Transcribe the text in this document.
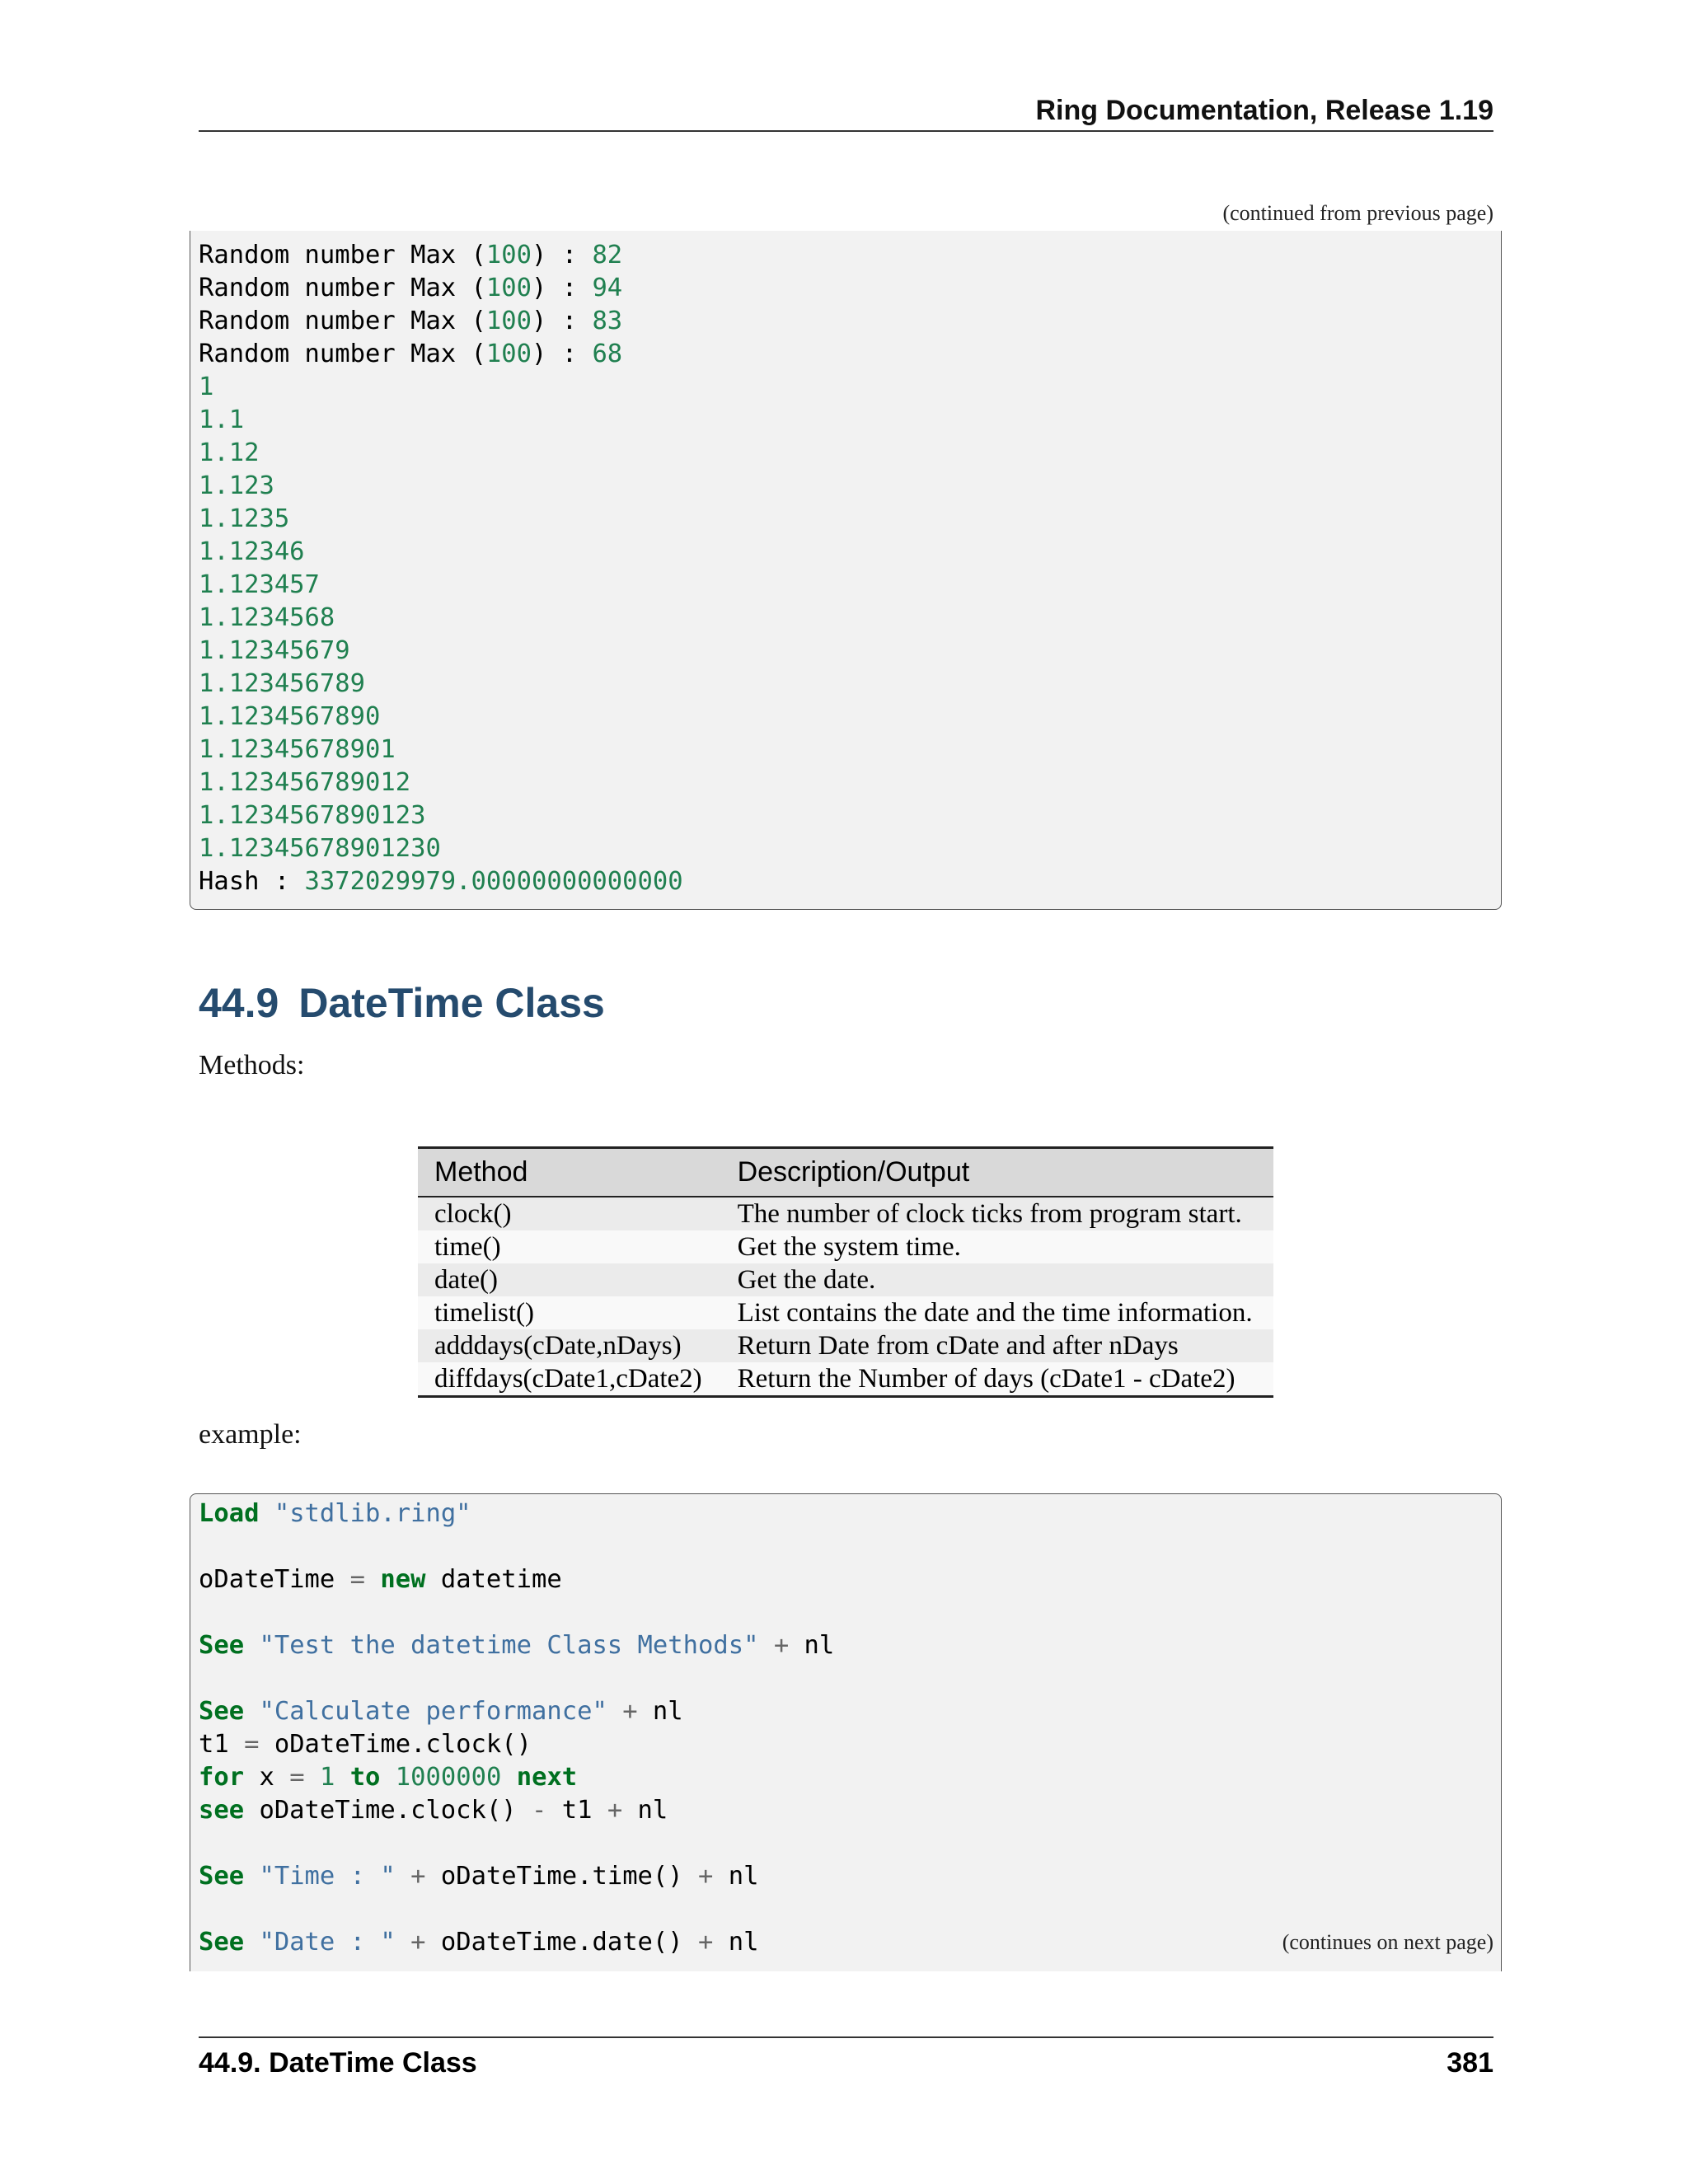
Ring Documentation, Release 1.19
(continued from previous page)
Random number Max (100) : 82
Random number Max (100) : 94
Random number Max (100) : 83
Random number Max (100) : 68
1
1.1
1.12
1.123
1.1235
1.12346
1.123457
1.1234568
1.12345679
1.123456789
1.1234567890
1.12345678901
1.123456789012
1.1234567890123
1.12345678901230
Hash : 3372029979.00000000000000
44.9 DateTime Class
Methods:
Method	Description/Output
clock()	The number of clock ticks from program start.
time()	Get the system time.
date()	Get the date.
timelist()	List contains the date and the time information.
adddays(cDate,nDays)	Return Date from cDate and after nDays
diffdays(cDate1,cDate2)	Return the Number of days (cDate1 - cDate2)
example:
Load "stdlib.ring"
oDateTime = new datetime
See "Test the datetime Class Methods" + nl
See "Calculate performance" + nl
t1 = oDateTime.clock()
for x = 1 to 1000000 next
see oDateTime.clock() - t1 + nl
See "Time : " + oDateTime.time() + nl
See "Date : " + oDateTime.date() + nl	(continues on next page)
44.9. DateTime Class	381
